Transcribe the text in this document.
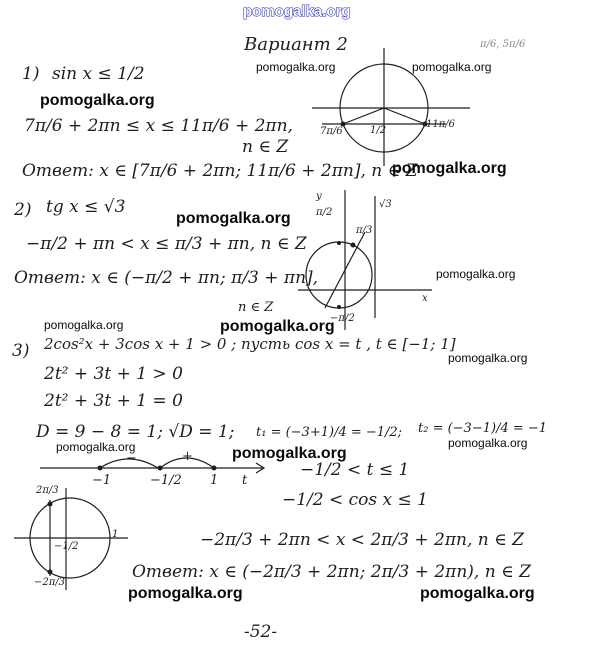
pomogalka.org
Вариант 2	π/6, 5π/6
1) sin x ≤ 1/2	pomogalka.org	pomogalka.org
pomogalka.org
7π/6 + 2πn ≤ x ≤ 11π/6 + 2πn,
n ∈ Z
Ответ: x ∈ [7π/6 + 2πn; 11π/6 + 2πn], n ∈ Z
pomogalka.org
7π/6
11π/6
1/2
2) tg x ≤ √3
pomogalka.org
−π/2 + πn < x ≤ π/3 + πn, n ∈ Z
Ответ: x ∈ (−π/2 + πn; π/3 + πn],
n ∈ Z
y
π/2
π/3
√3
−π/2
x
pomogalka.org
pomogalka.org	pomogalka.org
3) 2cos²x + 3cos x + 1 > 0 ; пусть cos x = t , t ∈ [−1; 1]
pomogalka.org
2t² + 3t + 1 > 0
2t² + 3t + 1 = 0
D = 9 − 8 = 1; √D = 1; t₁ = (−3+1)/4 = −1/2; t₂ = (−3−1)/4 = −1
pomogalka.org
pomogalka.org	pomogalka.org
−	+
−1	−1/2 1 t
−1/2 < t ≤ 1
−1/2 < cos x ≤ 1
−2π/3 + 2πn < x < 2π/3 + 2πn, n ∈ Z
2π/3
−2π/3
−1/2
1
Ответ: x ∈ (−2π/3 + 2πn; 2π/3 + 2πn), n ∈ Z
pomogalka.org	pomogalka.org
-52-
